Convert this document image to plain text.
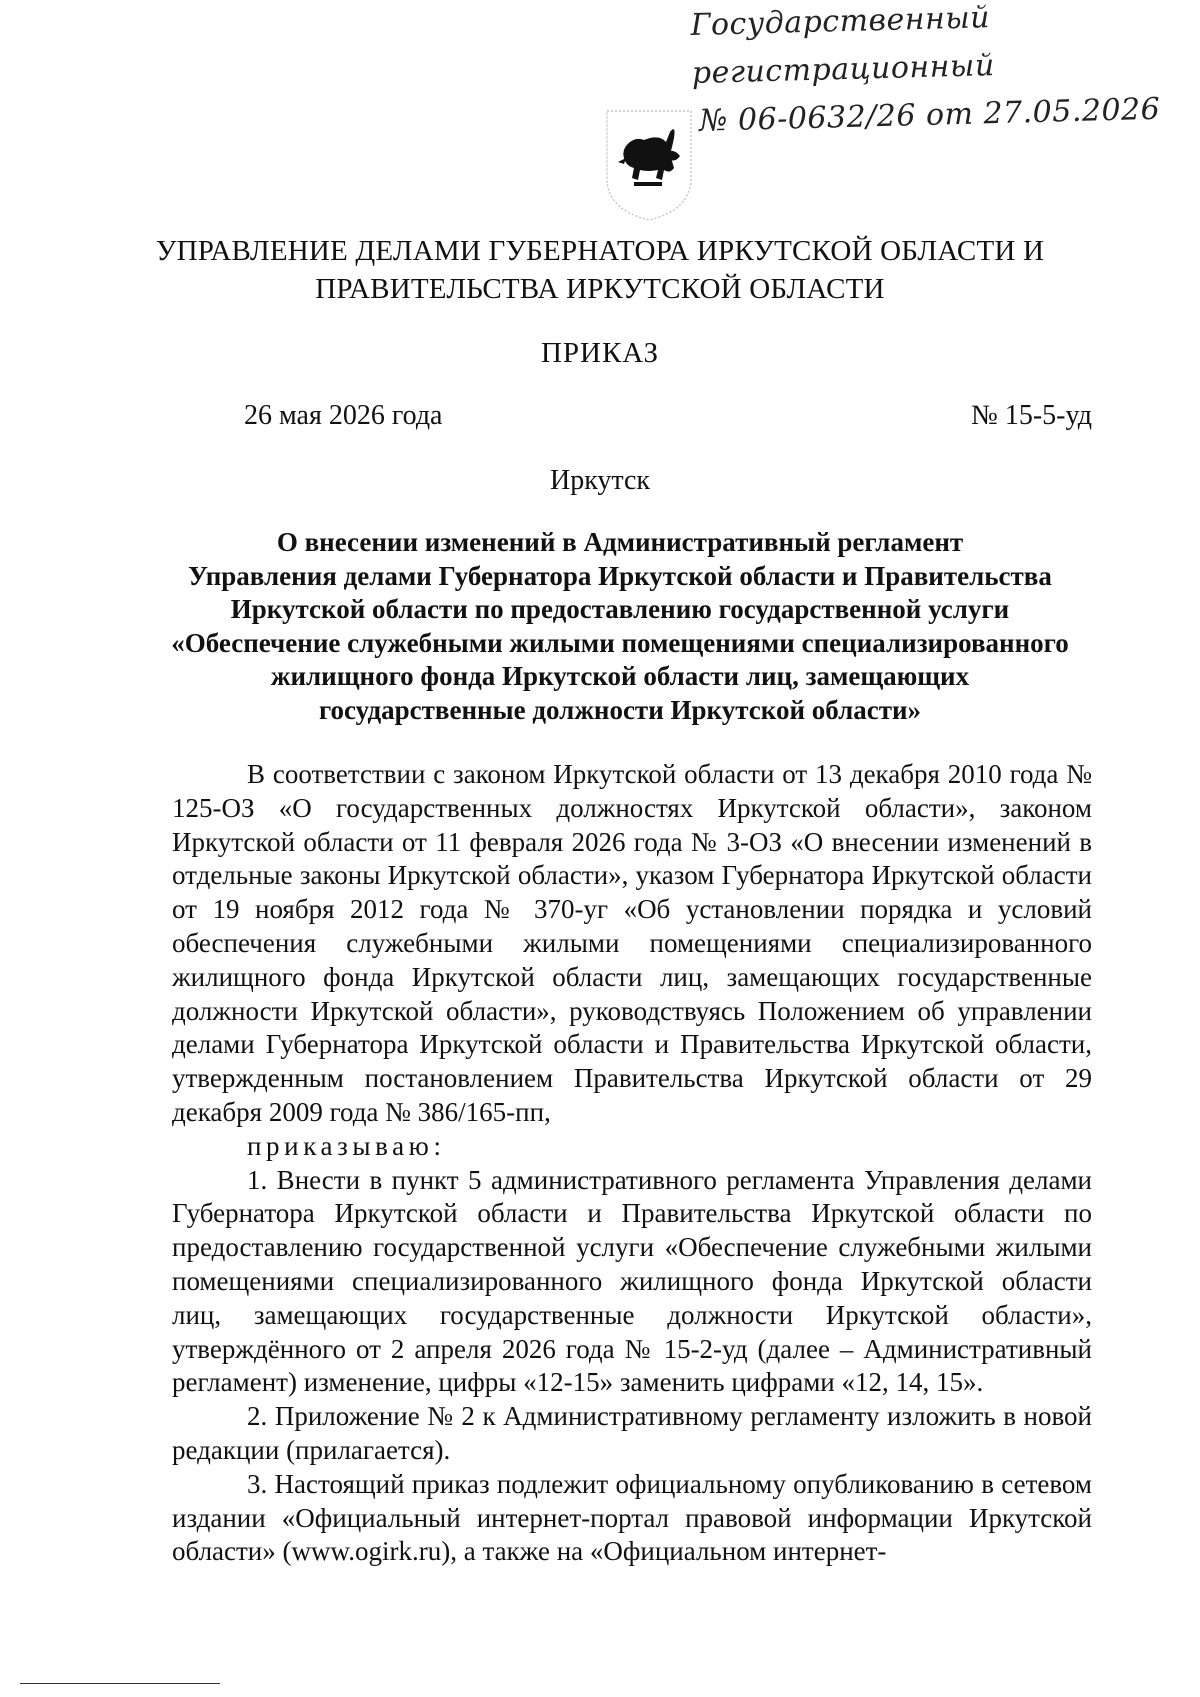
Государственный регистрационный
№ 06-0632/26 от 27.05.2026
УПРАВЛЕНИЕ ДЕЛАМИ ГУБЕРНАТОРА ИРКУТСКОЙ ОБЛАСТИ И
ПРАВИТЕЛЬСТВА ИРКУТСКОЙ ОБЛАСТИ
ПРИКАЗ
26 мая 2026 года	№ 15-5-уд
Иркутск
О внесении изменений в Административный регламент
Управления делами Губернатора Иркутской области и Правительства
Иркутской области по предоставлению государственной услуги
«Обеспечение служебными жилыми помещениями специализированного
жилищного фонда Иркутской области лиц, замещающих
государственные должности Иркутской области»

В соответствии с законом Иркутской области от 13 декабря 2010 года № 125-ОЗ «О государственных должностях Иркутской области», законом Иркутской области от 11 февраля 2026 года № 3-ОЗ «О внесении изменений в отдельные законы Иркутской области», указом Губернатора Иркутской области от 19 ноября 2012 года № 370-уг «Об установлении порядка и условий обеспечения служебными жилыми помещениями специализированного жилищного фонда Иркутской области лиц, замещающих государственные должности Иркутской области», руководствуясь Положением об управлении делами Губернатора Иркутской области и Правительства Иркутской области, утвержденным постановлением Правительства Иркутской области от 29 декабря 2009 года № 386/165-пп,

приказываю:

1. Внести в пункт 5 административного регламента Управления делами Губернатора Иркутской области и Правительства Иркутской области по предоставлению государственной услуги «Обеспечение служебными жилыми помещениями специализированного жилищного фонда Иркутской области лиц, замещающих государственные должности Иркутской области», утверждённого от 2 апреля 2026 года № 15-2-уд (далее – Административный регламент) изменение, цифры «12-15» заменить цифрами «12, 14, 15».

2. Приложение № 2 к Административному регламенту изложить в новой редакции (прилагается).

3. Настоящий приказ подлежит официальному опубликованию в сетевом издании «Официальный интернет-портал правовой информации Иркутской области» (www.ogirk.ru), а также на «Официальном интернет-
